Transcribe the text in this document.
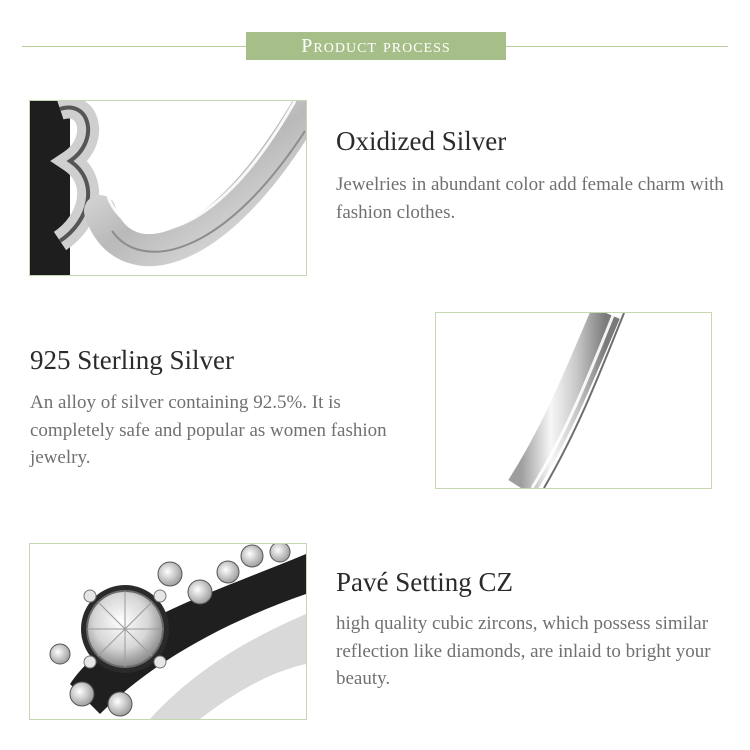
Product process
Oxidized Silver
Jewelries in abundant color add female charm with fashion clothes.
925 Sterling Silver
An alloy of silver containing 92.5%. It is completely safe and popular as women fashion jewelry.
Pavé Setting CZ
high quality cubic zircons, which possess similar reflection like diamonds, are inlaid to bright your beauty.
